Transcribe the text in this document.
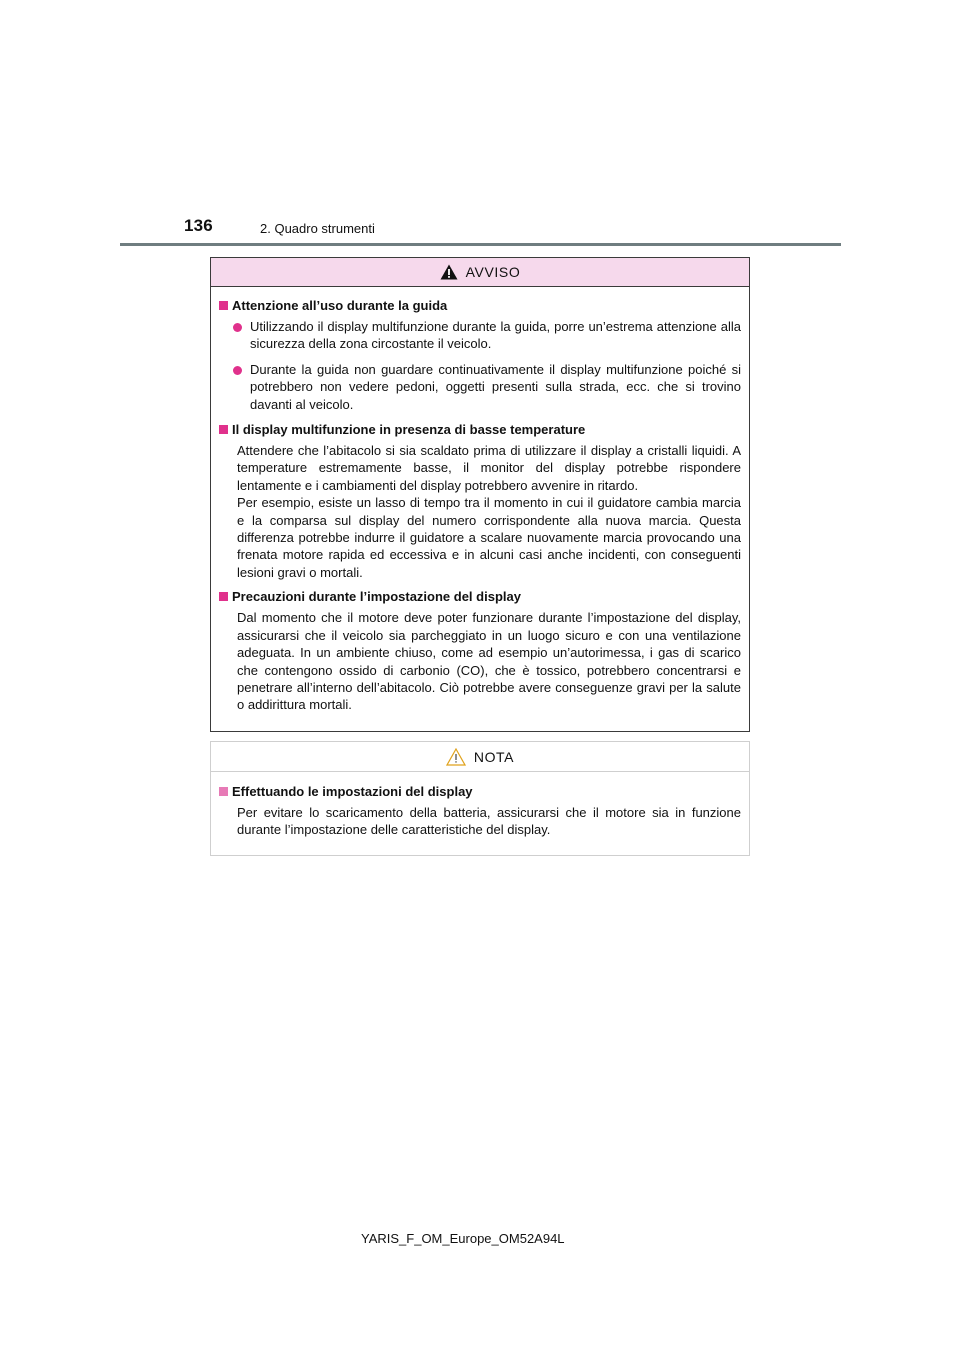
136	2. Quadro strumenti
AVVISO
Attenzione all’uso durante la guida
Utilizzando il display multifunzione durante la guida, porre un’estrema attenzione alla sicurezza della zona circostante il veicolo.
Durante la guida non guardare continuativamente il display multifunzione poiché si potrebbero non vedere pedoni, oggetti presenti sulla strada, ecc. che si trovino davanti al veicolo.
Il display multifunzione in presenza di basse temperature
Attendere che l’abitacolo si sia scaldato prima di utilizzare il display a cristalli liquidi. A temperature estremamente basse, il monitor del display potrebbe rispondere lentamente e i cambiamenti del display potrebbero avvenire in ritardo.
Per esempio, esiste un lasso di tempo tra il momento in cui il guidatore cambia marcia e la comparsa sul display del numero corrispondente alla nuova marcia. Questa differenza potrebbe indurre il guidatore a scalare nuovamente marcia provocando una frenata motore rapida ed eccessiva e in alcuni casi anche incidenti, con conseguenti lesioni gravi o mortali.
Precauzioni durante l’impostazione del display
Dal momento che il motore deve poter funzionare durante l’impostazione del display, assicurarsi che il veicolo sia parcheggiato in un luogo sicuro e con una ventilazione adeguata. In un ambiente chiuso, come ad esempio un’autorimessa, i gas di scarico che contengono ossido di carbonio (CO), che è tossico, potrebbero concentrarsi e penetrare all’interno dell’abitacolo. Ciò potrebbe avere conseguenze gravi per la salute o addirittura mortali.
NOTA
Effettuando le impostazioni del display
Per evitare lo scaricamento della batteria, assicurarsi che il motore sia in funzione durante l’impostazione delle caratteristiche del display.
YARIS_F_OM_Europe_OM52A94L
